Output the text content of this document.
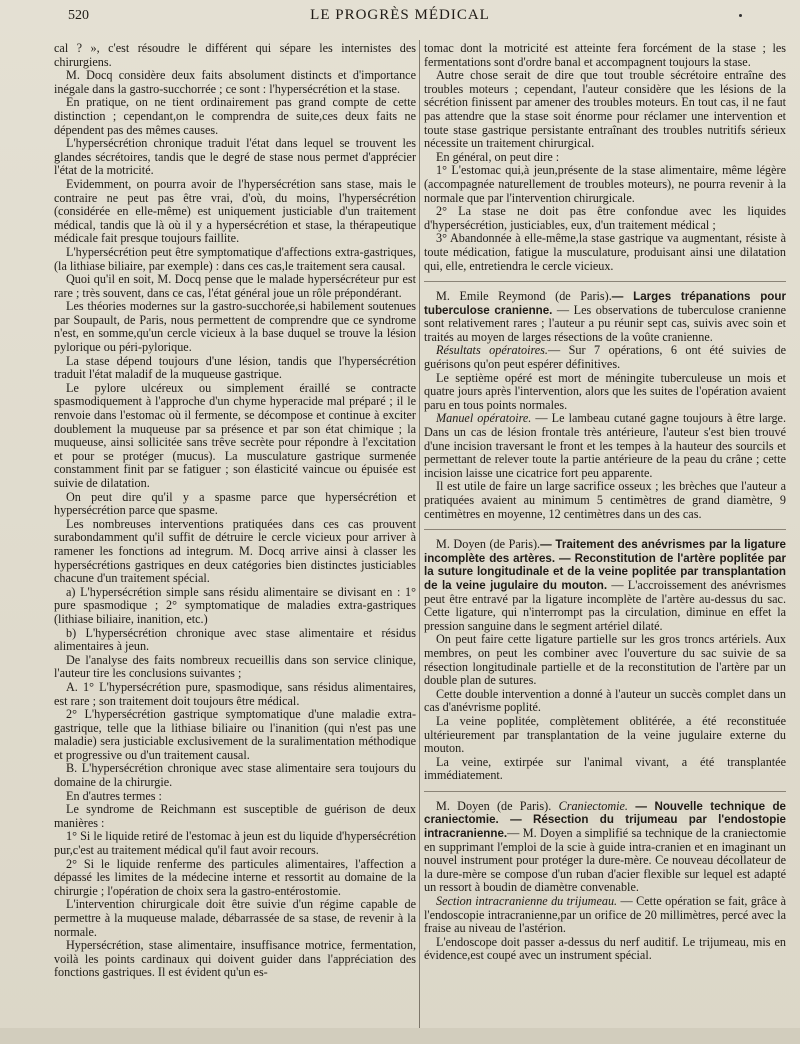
520	LE PROGRÈS MÉDICAL

cal ? », c'est résoudre le différent qui sépare les internistes des chirurgiens.

M. Docq considère deux faits absolument distincts et d'importance inégale dans la gastro-succhorrée ; ce sont : l'hypersécrétion et la stase.

En pratique, on ne tient ordinairement pas grand compte de cette distinction ; cependant,on le comprendra de suite,ces deux faits ne dépendent pas des mêmes causes.

L'hypersécrétion chronique traduit l'état dans lequel se trouvent les glandes sécrétoires, tandis que le degré de stase nous permet d'apprécier l'état de la motricité.

Evidemment, on pourra avoir de l'hypersécrétion sans stase, mais le contraire ne peut pas être vrai, d'où, du moins, l'hypersécrétion (considérée en elle-même) est uniquement justiciable d'un traitement médical, tandis que là où il y a hypersécrétion et stase, la thérapeutique médicale fait presque toujours faillite.

L'hypersécrétion peut être symptomatique d'affections extra-gastriques,(la lithiase biliaire, par exemple) : dans ces cas,le traitement sera causal.

Quoi qu'il en soit, M. Docq pense que le malade hypersécréteur pur est rare ; très souvent, dans ce cas, l'état général joue un rôle prépondérant.

Les théories modernes sur la gastro-succhorée,si habilement soutenues par Soupault, de Paris, nous permettent de comprendre que ce syndrome n'est, en somme,qu'un cercle vicieux à la base duquel se trouve la lésion pylorique ou péri-pylorique.

La stase dépend toujours d'une lésion, tandis que l'hypersécrétion traduit l'état maladif de la muqueuse gastrique.

Le pylore ulcéreux ou simplement éraillé se contracte spasmodiquement à l'approche d'un chyme hyperacide mal préparé ; il le renvoie dans l'estomac où il fermente, se décompose et continue à exciter doublement la muqueuse par sa présence et par son état chimique ; la muqueuse, ainsi sollicitée sans trêve secrète pour répondre à l'excitation et pour se protéger (mucus). La musculature gastrique surmenée constamment finit par se fatiguer ; son élasticité vaincue ou épuisée est suivie de dilatation.

On peut dire qu'il y a spasme parce que hypersécrétion et hypersécrétion parce que spasme.

Les nombreuses interventions pratiquées dans ces cas prouvent surabondamment qu'il suffit de détruire le cercle vicieux pour arriver à ramener les fonctions ad integrum. M. Docq arrive ainsi à classer les hypersécrétions gastriques en deux catégories bien distinctes justiciables chacune d'un traitement spécial.

a) L'hypersécrétion simple sans résidu alimentaire se divisant en : 1° pure spasmodique ; 2° symptomatique de maladies extra-gastriques (lithiase biliaire, inanition, etc.)

b) L'hypersécrétion chronique avec stase alimentaire et résidus alimentaires à jeun.

De l'analyse des faits nombreux recueillis dans son service clinique, l'auteur tire les conclusions suivantes ;

A. 1° L'hypersécrétion pure, spasmodique, sans résidus alimentaires, est rare ; son traitement doit toujours être médical.

2° L'hypersécrétion gastrique symptomatique d'une maladie extra-gastrique, telle que la lithiase biliaire ou l'inanition (qui n'est pas une maladie) sera justiciable exclusivement de la suralimentation méthodique et progressive ou d'un traitement causal.

B. L'hypersécrétion chronique avec stase alimentaire sera toujours du domaine de la chirurgie.

En d'autres termes :

Le syndrome de Reichmann est susceptible de guérison de deux manières :

1° Si le liquide retiré de l'estomac à jeun est du liquide d'hypersécrétion pur,c'est au traitement médical qu'il faut avoir recours.

2° Si le liquide renferme des particules alimentaires, l'affection a dépassé les limites de la médecine interne et ressortit au domaine de la chirurgie ; l'opération de choix sera la gastro-entérostomie.

L'intervention chirurgicale doit être suivie d'un régime capable de permettre à la muqueuse malade, débarrassée de sa stase, de revenir à la normale.

Hypersécrétion, stase alimentaire, insuffisance motrice, fermentation, voilà les points cardinaux qui doivent guider dans l'appréciation des fonctions gastriques. Il est évident qu'un es-

tomac dont la motricité est atteinte fera forcément de la stase ; les fermentations sont d'ordre banal et accompagnent toujours la stase.

Autre chose serait de dire que tout trouble sécrétoire entraîne des troubles moteurs ; cependant, l'auteur considère que les lésions de la sécrétion finissent par amener des troubles moteurs. En tout cas, il ne faut pas attendre que la stase soit énorme pour réclamer une intervention et toute stase gastrique persistante entraînant des troubles nutritifs sérieux nécessite un traitement chirurgical.

En général, on peut dire :

1° L'estomac qui,à jeun,présente de la stase alimentaire, même légère (accompagnée naturellement de troubles moteurs), ne pourra revenir à la normale que par l'intervention chirurgicale.

2° La stase ne doit pas être confondue avec les liquides d'hypersécrétion, justiciables, eux, d'un traitement médical ;

3° Abandonnée à elle-même,la stase gastrique va augmentant, résiste à toute médication, fatigue la musculature, produisant ainsi une dilatation qui, elle, entretiendra le cercle vicieux.

M. Emile Reymond (de Paris).— Larges trépanations pour tuberculose cranienne. — Les observations de tuberculose cranienne sont relativement rares ; l'auteur a pu réunir sept cas, suivis avec soin et traités au moyen de larges résections de la voûte cranienne.

Résultats opératoires.— Sur 7 opérations, 6 ont été suivies de guérisons qu'on peut espérer définitives.

Le septième opéré est mort de méningite tuberculeuse un mois et quatre jours après l'intervention, alors que les suites de l'opération avaient paru en tous points normales.

Manuel opératoire. — Le lambeau cutané gagne toujours à être large. Dans un cas de lésion frontale très antérieure, l'auteur s'est bien trouvé d'une incision traversant le front et les tempes à la hauteur des sourcils et permettant de relever toute la partie antérieure de la peau du crâne ; cette incision laisse une cicatrice fort peu apparente.

Il est utile de faire un large sacrifice osseux ; les brèches que l'auteur a pratiquées avaient au minimum 5 centimètres de grand diamètre, 9 centimètres en moyenne, 12 centimètres dans un des cas.

M. Doyen (de Paris).— Traitement des anévrismes par la ligature incomplète des artères. — Reconstitution de l'artère poplitée par la suture longitudinale et de la veine poplitée par transplantation de la veine jugulaire du mouton. — L'accroissement des anévrismes peut être entravé par la ligature incomplète de l'artère au-dessus du sac. Cette ligature, qui n'interrompt pas la circulation, diminue en effet la pression sanguine dans le segment artériel dilaté.

On peut faire cette ligature partielle sur les gros troncs artériels. Aux membres, on peut les combiner avec l'ouverture du sac suivie de sa résection longitudinale partielle et de la reconstitution de l'artère par un double plan de sutures.

Cette double intervention a donné à l'auteur un succès complet dans un cas d'anévrisme poplité.

La veine poplitée, complètement oblitérée, a été reconstituée ultérieurement par transplantation de la veine jugulaire externe du mouton.

La veine, extirpée sur l'animal vivant, a été transplantée immédiatement.

M. Doyen (de Paris). Craniectomie. — Nouvelle technique de craniectomie. — Résection du trijumeau par l'endostopie intracranienne.— M. Doyen a simplifié sa technique de la craniectomie en supprimant l'emploi de la scie à guide intra-cranien et en imaginant un nouvel instrument pour protéger la dure-mère. Ce nouveau décollateur de la dure-mère se compose d'un ruban d'acier flexible sur lequel est adapté un ressort à boudin de diamètre convenable.

Section intracranienne du trijumeau. — Cette opération se fait, grâce à l'endoscopie intracranienne,par un orifice de 20 millimètres, percé avec la fraise au niveau de l'astérion.

L'endoscope doit passer a-dessus du nerf auditif. Le trijumeau, mis en évidence,est coupé avec un instrument spécial.
